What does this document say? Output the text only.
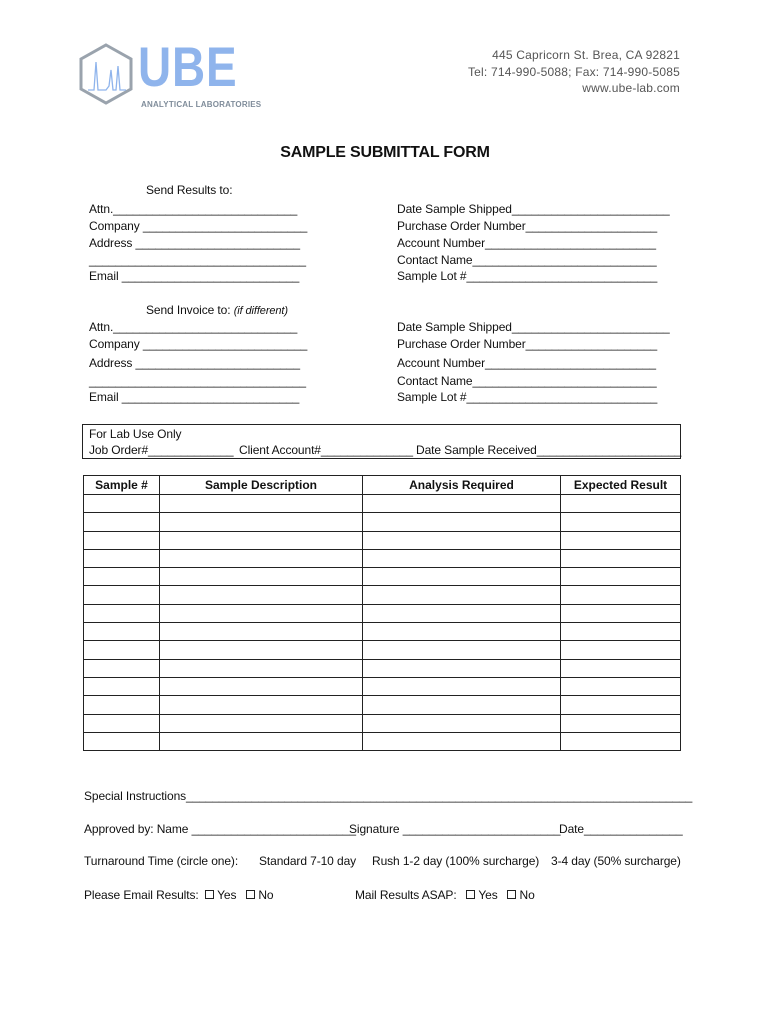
UBE
ANALYTICAL LABORATORIES
445 Capricorn St. Brea, CA 92821
Tel: 714-990-5088; Fax: 714-990-5085
www.ube-lab.com
SAMPLE SUBMITTAL FORM
Send Results to:
Attn.____________________________
Company _________________________
Address _________________________
_________________________________
Email ___________________________
Date Sample Shipped________________________
Purchase Order Number____________________
Account Number__________________________
Contact Name____________________________
Sample Lot #_____________________________
Send Invoice to: (if different)
Attn.____________________________
Company _________________________
Address _________________________
_________________________________
Email ___________________________
Date Sample Shipped________________________
Purchase Order Number____________________
Account Number__________________________
Contact Name____________________________
Sample Lot #_____________________________
For Lab Use Only
Job Order#_____________ Client Account#______________ Date Sample Received______________________
Sample #	Sample Description	Analysis Required	Expected Result

Special Instructions_____________________________________________________________________________
Approved by: Name _________________________
Signature ________________________
Date_______________
Turnaround Time (circle one): Standard 7-10 day Rush 1-2 day (100% surcharge) 3-4 day (50% surcharge)
Please Email Results: Yes No	Mail Results ASAP: Yes No
